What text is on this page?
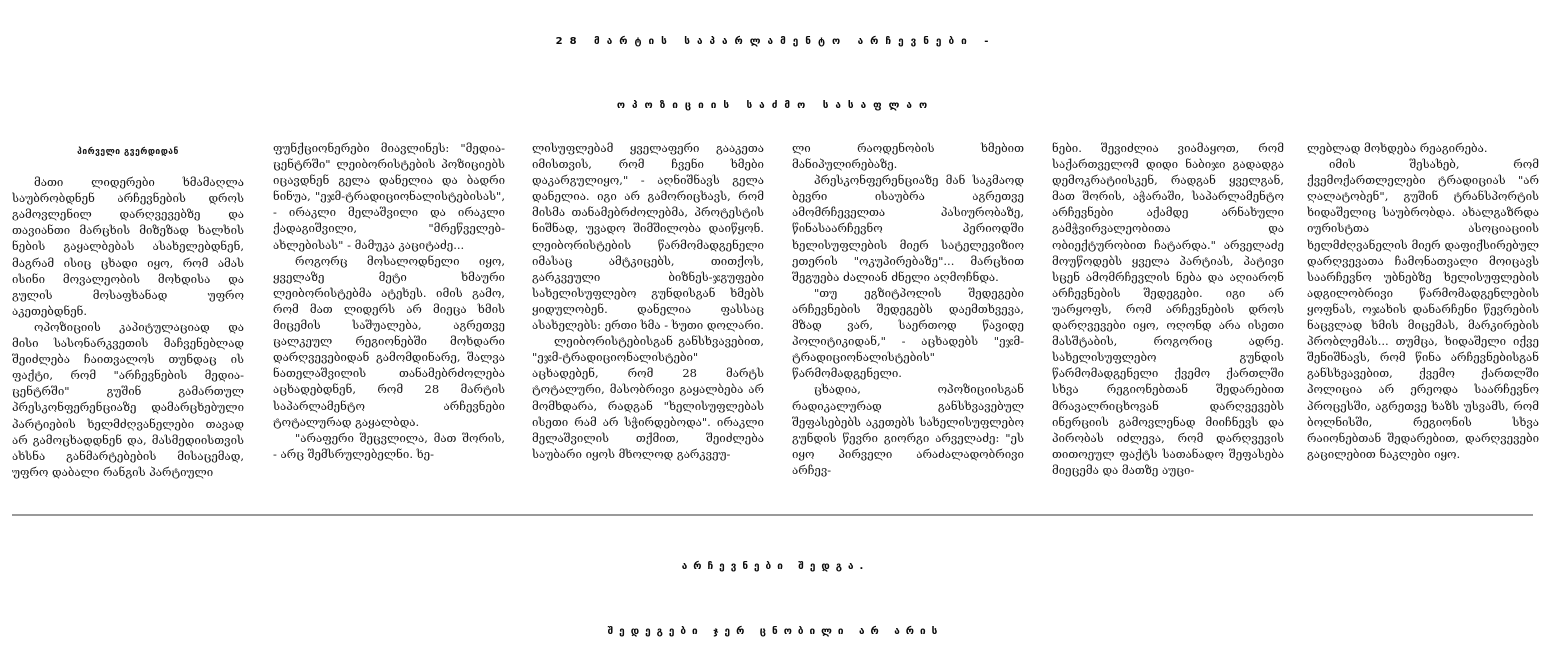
28 მარტის საპარლამენტო არჩევნები -
ოპოზიციის საძმო სასაფლაო
პირველი გვერდიდან

მათი ლიდერები ხმამაღლა საუბრობდნენ არჩევნების დროს გამოვლენილ დარღვევებზე და თავიანთი მარცხის მიზეზად ხალხის ნების გაყალბებას ასახელებდნენ, მაგრამ ისიც ცხადი იყო, რომ ამას ისინი მოვალეობის მოხდისა და გულის მოსაფხანად უფრო აკეთებდნენ.

ოპოზიციის კაპიტულაციად და მისი სასონარკვეთის მაჩვენებლად შეიძლება ჩაითვალოს თუნდაც ის ფაქტი, რომ "არჩევნების მედია-ცენტრში" გუშინ გამართულ პრესკონფერენციაზე დამარცხებული პარტიების ხელმძღვანელები თავად არ გამოცხადდნენ და, მასმედიისთვის ახსნა განმარტებების მისაცემად, უფრო დაბალი რანგის პარტიული

ფუნქციონერები მიავლინეს: "მედია-ცენტრში" ლეიბორისტების პოზიციებს იცავდნენ გელა დანელია და ბადრი ნინუა, "ეჯმ-ტრადიციონალისტებისას", - ირაკლი მელაშვილი და ირაკლი ქადაგიშვილი, "მრეწველებ-ახლებისას" - მამუკა კაციტაძე...

როგორც მოსალოდნელი იყო, ყველაზე მეტი ხმაური ლეიბორისტებმა ატეხეს. იმის გამო, რომ მათ ლიდერს არ მიეცა ხმის მიცემის საშუალება, აგრეთვე ცალკეულ რეგიონებში მოხდარი დარღვევებიდან გამომდინარე, შალვა ნათელაშვილის თანამებრძოლება აცხადებდნენ, რომ 28 მარტის საპარლამენტო არჩევნები ტოტალურად გაყალბდა.

"არაფერი შეცვლილა, მათ შორის, - არც შემსრულებელნი. ხე-

ლისუფლებამ ყველაფერი გააკეთა იმისთვის, რომ ჩვენი ხმები დაკარგულიყო," - აღნიშნავს გელა დანელია. იგი არ გამორიცხავს, რომ მისმა თანამებრძოლებმა, პროტესტის ნიშნად, უვადო შიმშილობა დაიწყონ. ლეიბორისტების წარმომადგენელი იმასაც ამტკიცებს, თითქოს, გარკვეული ბიზნეს-ჯგუფები სახელისუფლებო გუნდისგან ხმებს ყიდულობენ. დანელია ფასსაც ასახელებს: ერთი ხმა - ხუთი დოლარი.

ლეიბორისტებისგან განსხვავებით, "ეჯმ-ტრადიციონალისტები" აცხადებენ, რომ 28 მარტს ტოტალური, მასობრივი გაყალბება არ მომხდარა, რადგან "ხელისუფლებას ისეთი რამ არ სჭირდებოდა". ირაკლი მელაშვილის თქმით, შეიძლება საუბარი იყოს მხოლოდ გარკვეუ-

ლი რაოდენობის ხმებით მანიპულირებაზე.

პრესკონფერენციაზე მან საკმაოდ ბევრი ისაუბრა აგრეთვე ამომრჩეველთა პასიურობაზე, წინასაარჩევნო პერიოდში ხელისუფლების მიერ სატელევიზიო ეთერის "ოკუპირებაზე"... მარცხით შეგუება ძალიან ძნელი აღმოჩნდა.

"თუ ეგზიტპოლის შედეგები არჩევნების შედეგებს დაემთხვევა, მზად ვარ, საერთოდ წავიდე პოლიტიკიდან," - აცხადებს "ეჯმ-ტრადიციონალისტების" წარმომადგენელი.

ცხადია, ოპოზიციისგან რადიკალურად განსხვავებულ შეფასებებს აკეთებს სახელისუფლებო გუნდის წევრი გიორგი არველაძე: "ეს იყო პირველი არაძალადობრივი არჩევ-

ნები. შევიძლია ვიამაყოთ, რომ საქართველომ დიდი ნაბიჯი გადადგა დემოკრატიისკენ, რადგან ყველგან, მათ შორის, აჭარაში, საპარლამენტო არჩევნები აქამდე არნახული გამჭვირვალეობითა და ობიექტურობით ჩატარდა." არველაძე მოუწოდებს ყველა პარტიას, პატივი სცენ ამომრჩევლის ნება და აღიარონ არჩევნების შედეგები. იგი არ უარყოფს, რომ არჩევნების დროს დარღვევები იყო, ოღონდ არა ისეთი მასშტაბის, როგორიც ადრე. სახელისუფლებო გუნდის წარმომადგენელი ქვემო ქართლში სხვა რეგიონებთან შედარებით მრავალრიცხოვან დარღვევებს ინერციის გამოვლენად მიიჩნევს და პირობას იძლევა, რომ დარღვევის თითოეულ ფაქტს სათანადო შეფასება მიეცემა და მათზე აუცი-

ლებლად მოხდება რეაგირება.

იმის შესახებ, რომ ქვემოქართლელები ტრადიციას "არ ღალატობენ", გუშინ ტრანსპორტის ხიდაშელიც საუბრობდა. ახალგაზრდა იურისტთა ასოციაციის ხელმძღვანელის მიერ დაფიქსირებულ დარღვევათა ჩამონათვალი მოიცავს საარჩევნო უბნებზე ხელისუფლების ადგილობრივი წარმომადგენლების ყოფნას, ოჯახის დანარჩენი წევრების ნაცვლად ხმის მიცემას, მარკირების პრობლემას... თუმცა, ხიდაშელი იქვე შენიშნავს, რომ წინა არჩევნებისგან განსხვავებით, ქვემო ქართლში პოლიცია არ ერეოდა საარჩევნო პროცესში, აგრეთვე ხაზს უსვამს, რომ ბოლნისში, რეგიონის სხვა რაიონებთან შედარებით, დარღვევები გაცილებით ნაკლები იყო.

არჩევნები შედგა.
შედეგები ჯერ ცნობილი არ არის
